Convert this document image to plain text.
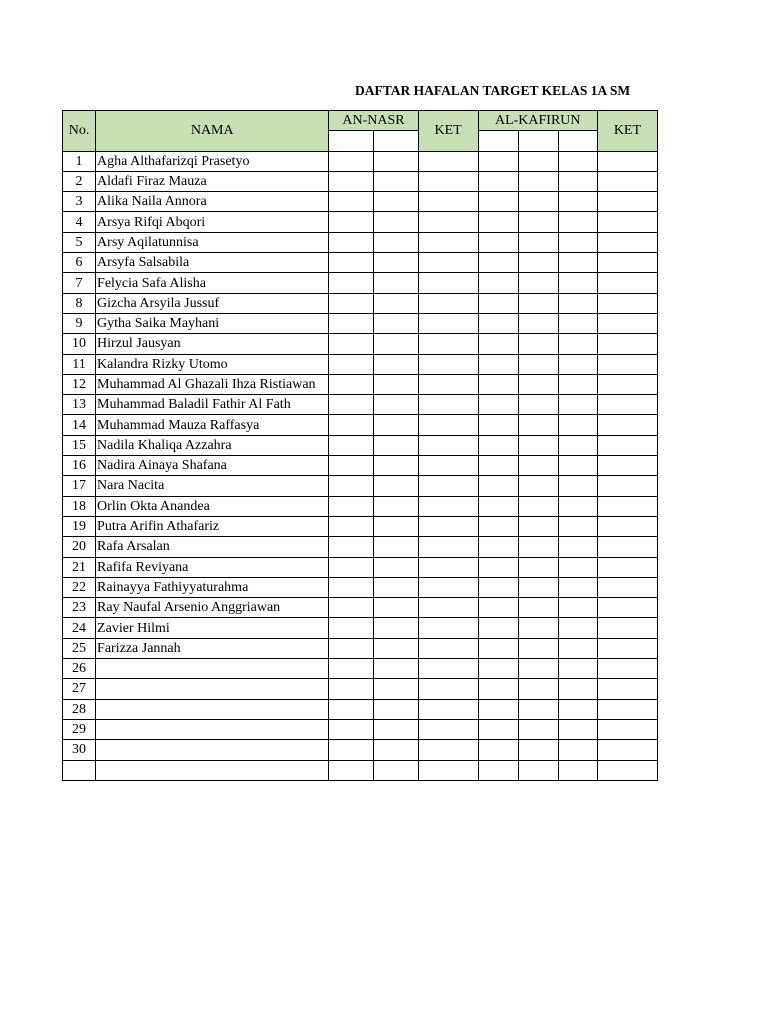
DAFTAR HAFALAN TARGET KELAS 1A SM
No.	NAMA	AN-NASR		KET	AL-KAFIRUN			KET

1	Agha Althafarizqi Prasetyo							
2	Aldafi Firaz Mauza							
3	Alika Naila Annora							
4	Arsya Rifqi Abqori							
5	Arsy Aqilatunnisa							
6	Arsyfa Salsabila							
7	Felycia Safa Alisha							
8	Gizcha Arsyila Jussuf							
9	Gytha Saika Mayhani							
10	Hirzul Jausyan							
11	Kalandra Rizky Utomo							
12	Muhammad Al Ghazali Ihza Ristiawan							
13	Muhammad Baladil Fathir Al Fath							
14	Muhammad Mauza Raffasya							
15	Nadila Khaliqa Azzahra							
16	Nadira Ainaya Shafana							
17	Nara Nacita							
18	Orlin Okta Anandea							
19	Putra Arifin Athafariz							
20	Rafa Arsalan							
21	Rafifa Reviyana							
22	Rainayya Fathiyyaturahma							
23	Ray Naufal Arsenio Anggriawan							
24	Zavier Hilmi							
25	Farizza Jannah							
26								
27								
28								
29								
30								
